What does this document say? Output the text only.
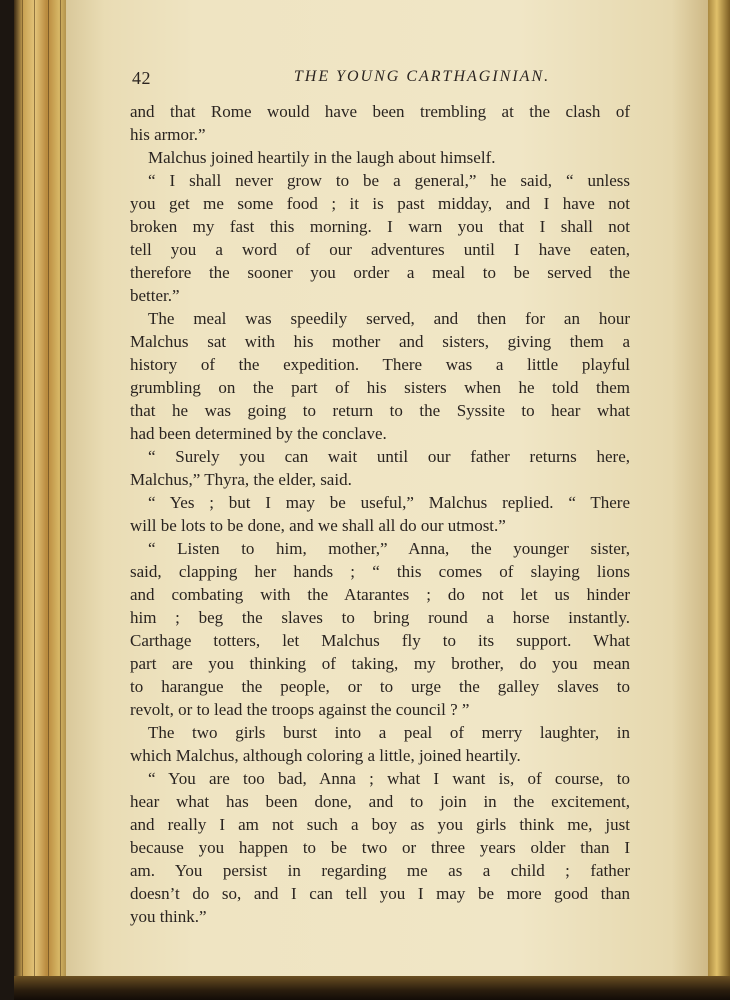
42	THE YOUNG CARTHAGINIAN.
and that Rome would have been trembling at the clash of
his armor.”
Malchus joined heartily in the laugh about himself.
“ I shall never grow to be a general,” he said, “ unless
you get me some food ; it is past midday, and I have not
broken my fast this morning. I warn you that I shall not
tell you a word of our adventures until I have eaten,
therefore the sooner you order a meal to be served the
better.”
The meal was speedily served, and then for an hour
Malchus sat with his mother and sisters, giving them a
history of the expedition. There was a little playful
grumbling on the part of his sisters when he told them
that he was going to return to the Syssite to hear what
had been determined by the conclave.
“ Surely you can wait until our father returns here,
Malchus,” Thyra, the elder, said.
“ Yes ; but I may be useful,” Malchus replied. “ There
will be lots to be done, and we shall all do our utmost.”
“ Listen to him, mother,” Anna, the younger sister,
said, clapping her hands ; “ this comes of slaying lions
and combating with the Atarantes ; do not let us hinder
him ; beg the slaves to bring round a horse instantly.
Carthage totters, let Malchus fly to its support. What
part are you thinking of taking, my brother, do you mean
to harangue the people, or to urge the galley slaves to
revolt, or to lead the troops against the council ? ”
The two girls burst into a peal of merry laughter, in
which Malchus, although coloring a little, joined heartily.
“ You are too bad, Anna ; what I want is, of course, to
hear what has been done, and to join in the excitement,
and really I am not such a boy as you girls think me, just
because you happen to be two or three years older than I
am. You persist in regarding me as a child ; father
doesn’t do so, and I can tell you I may be more good than
you think.”
